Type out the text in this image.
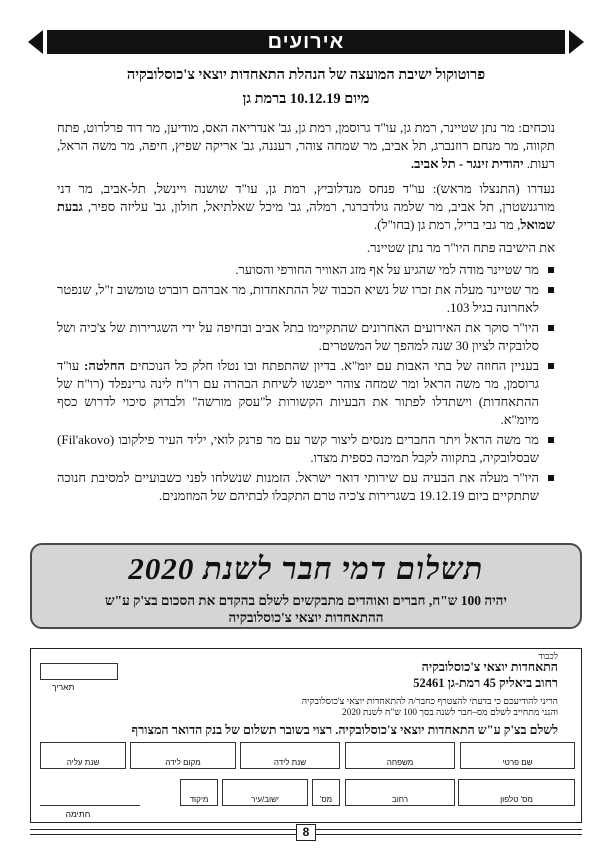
אירועים
פרוטוקול ישיבת המועצה של הנהלת התאחדות יוצאי צ'כוסלובקיה
מיום 10.12.19 ברמת גן

נוכחים: מר נתן שטיינר, רמת גן, עו"ד גרוסמן, רמת גן, גב' אנדריאה האס, מודיען, מר דוד פרלרוט, פתח תקווה, מר מנחם רוזנברג, תל אביב, מר שמחה צוהר, רעננה, גב' אריקה שפיץ, חיפה, מר משה הראל, רעות. יהודית זינגר - תל אביב.

נעדרו (התנצלו מראש): עו"ד פנחס מנדלוביץ, רמת גן, עו"ד שושנה ויינשל, תל-אביב, מר דני מורגנשטרן, תל אביב, מר שלמה גולדברגר, רמלה, גב' מיכל שאלתיאל, חולון, גב' עליזה ספיר, גבעת שמואל, מר גבי בריל, רמת גן (בחו"ל).

את הישיבה פתח היו"ר מר נתן שטיינר.

מר שטיינר מודה למי שהגיע על אף מזג האוויר החורפי והסוער.
מר שטיינר מעלה את זכרו של נשיא הכבוד של ההתאחדות, מר אברהם רוברט טומשוב ז"ל, שנפטר לאחרונה בגיל 103.
היו"ר סוקר את האירועים האחרונים שהתקיימו בתל אביב ובחיפה על ידי השגרירות של צ'כיה ושל סלובקיה לציון 30 שנה למהפך של המשטרים.
בעניין החוזה של בתי האבות עם יומ"א. בדיון שהתפתח ובו נטלו חלק כל הנוכחים החלטה: עו"ד גרוסמן, מר משה הראל ומר שמחה צוהר ייפגשו לשיחת הבהרה עם רו"ח לינה גרינפלד (רו"ח של ההתאחדות) וישתדלו לפתור את הבעיות הקשורות ל"עסק מורשה" ולבדוק סיכוי לדרוש כסף מיומ"א.
מר משה הראל ויתר החברים מנסים ליצור קשר עם מר פרנק לואי, יליד העיר פילקובו (Fil'akovo) שבסלובקיה, בתקווה לקבל תמיכה כספית מצדו.
היו"ר מעלה את הבעיה עם שירותי דואר ישראל. הזמנות שנשלחו לפני כשבועיים למסיבת חנוכה שתתקיים ביום 19.12.19 בשגרירות צ'כיה טרם התקבלו לבתיהם של המוזמנים.
תשלום דמי חבר לשנת 2020
יהיה 100 ש"ח, חברים ואוהדים מתבקשים לשלם בהקדם את הסכום בצ'ק ע"ש
ההתאחדות יוצאי צ'כוסלובקיה
לכבוד
התאחדות יוצאי צ'כוסלובקיה
רחוב ביאליק 45 רמת-גן 52461
תאריך
הריני להודיעכם כי בדעתי להצטרף כחבר/ה להתאחדות יוצאי צ'כוסלובקיה
והנני מתחייב לשלם מס–חבר לשנה בסך 100 ש"ח לשנת 2020
לשלם בצ'ק ע"ש התאחדות יוצאי צ'כוסלובקיה. רצוי בשובר תשלום של בנק הדואר המצורף
שם פרטי
משפחה
שנת לידה
מקום לידה
שנת עליה
מס' טלפון
רחוב
מס'
ישוב/עיר
מיקוד
חתימה
8
